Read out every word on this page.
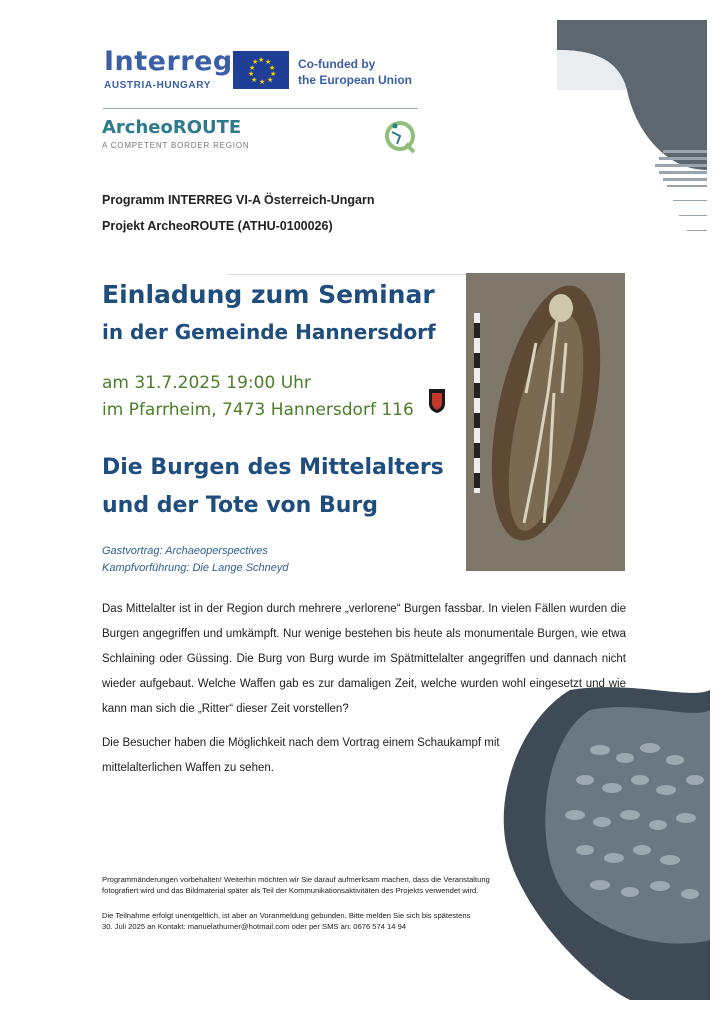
Interreg
AUSTRIA-HUNGARY
★ ★
★
★
★
★
★
★
★
★	Co-funded by
the European Union
ArcheoROUTE
A COMPETENT BORDER REGION
Programm INTERREG VI-A Österreich-Ungarn
Projekt ArcheoROUTE (ATHU-0100026)
Einladung zum Seminar
in der Gemeinde Hannersdorf
am 31.7.2025 19:00 Uhr
im Pfarrheim, 7473 Hannersdorf 116
Die Burgen des Mittelalters
und der Tote von Burg
Gastvortrag: Archaeoperspectives
Kampfvorführung: Die Lange Schneyd
Das Mittelalter ist in der Region durch mehrere „verlorene“ Burgen fassbar. In vielen Fällen wurden die Burgen angegriffen und umkämpft. Nur wenige bestehen bis heute als monumentale Burgen, wie etwa Schlaining oder Güssing. Die Burg von Burg wurde im Spätmittelalter angegriffen und dannach nicht wieder aufgebaut. Welche Waffen gab es zur damaligen Zeit, welche wurden wohl eingesetzt und wie kann man sich die „Ritter“ dieser Zeit vorstellen?
Die Besucher haben die Möglichkeit nach dem Vortrag einem Schaukampf mit
mittelalterlichen Waffen zu sehen.
Programmänderungen vorbehalten! Weiterhin möchten wir Sie darauf aufmerksam machen, dass die Veranstaltung
fotografiert wird und das Bildmaterial später als Teil der Kommunikationsaktivitäten des Projekts verwendet wird.
Die Teilnahme erfolgt unentgeltlich, ist aber an Voranmeldung gebunden. Bitte melden Sie sich bis spätestens
30. Juli 2025 an Kontakt: manuelathurner@hotmail.com oder per SMS an: 0676 574 14 94
